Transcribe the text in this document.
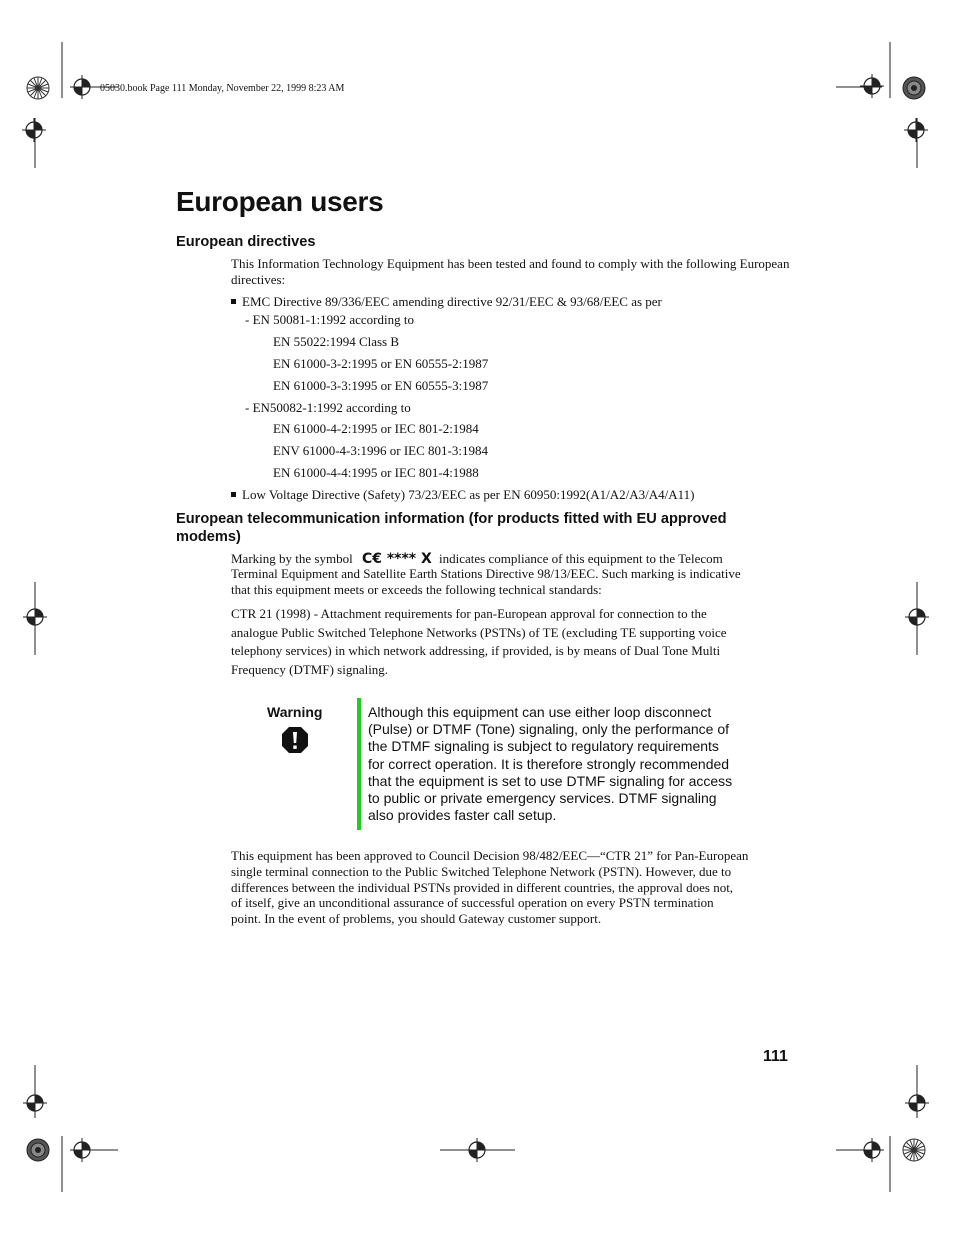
05030.book Page 111 Monday, November 22, 1999 8:23 AM
European users
European directives
This Information Technology Equipment has been tested and found to comply with the following European directives:
EMC Directive 89/336/EEC amending directive 92/31/EEC & 93/68/EEC as per
- EN 50081-1:1992 according to
EN 55022:1994 Class B
EN 61000-3-2:1995 or EN 60555-2:1987
EN 61000-3-3:1995 or EN 60555-3:1987
- EN50082-1:1992 according to
EN 61000-4-2:1995 or IEC 801-2:1984
ENV 61000-4-3:1996 or IEC 801-3:1984
EN 61000-4-4:1995 or IEC 801-4:1988
Low Voltage Directive (Safety) 73/23/EEC as per EN 60950:1992(A1/A2/A3/A4/A11)
European telecommunication information (for products fitted with EU approved
modems)
Marking by the symbol C€ **** X indicates compliance of this equipment to the Telecom
Terminal Equipment and Satellite Earth Stations Directive 98/13/EEC. Such marking is indicative
that this equipment meets or exceeds the following technical standards:
CTR 21 (1998) - Attachment requirements for pan-European approval for connection to the
analogue Public Switched Telephone Networks (PSTNs) of TE (excluding TE supporting voice
telephony services) in which network addressing, if provided, is by means of Dual Tone Multi
Frequency (DTMF) signaling.
Warning	Although this equipment can use either loop disconnect (Pulse) or DTMF (Tone) signaling, only the performance of the DTMF signaling is subject to regulatory requirements for correct operation. It is therefore strongly recommended that the equipment is set to use DTMF signaling for access to public or private emergency services. DTMF signaling also provides faster call setup.
This equipment has been approved to Council Decision 98/482/EEC—“CTR 21” for Pan-European
single terminal connection to the Public Switched Telephone Network (PSTN). However, due to
differences between the individual PSTNs provided in different countries, the approval does not,
of itself, give an unconditional assurance of successful operation on every PSTN termination
point. In the event of problems, you should Gateway customer support.
111
